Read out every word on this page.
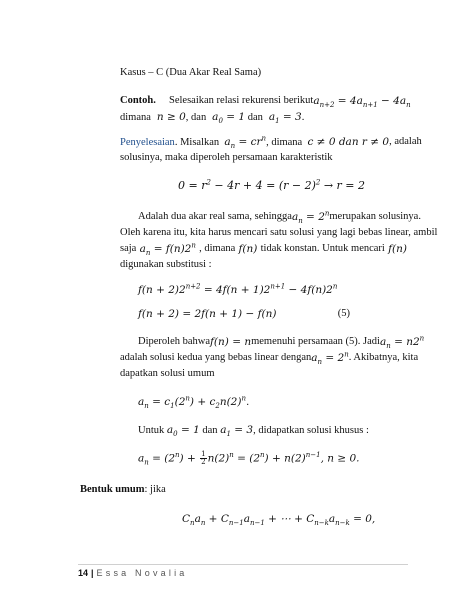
Kasus – C (Dua Akar Real Sama)
Contoh. Selesaikan relasi rekurensi berikut $a_{n+2} = 4a_{n+1} - 4a_n$
dimana  n ≥ 0, dan  $a_0 = 1$ dan  $a_1 = 3$.
Penyelesaian. Misalkan $a_n = cr^n$, dimana c ≠ 0 dan r ≠ 0 , adalah
solusinya, maka diperoleh persamaan karakteristik
$0 = r^2 - 4r + 4 = (r - 2)^2 \to r = 2$
Adalah dua akar real sama, sehingga $a_n = 2^n$ merupakan solusinya.
Oleh karena itu, kita harus mencari satu solusi yang lagi bebas linear, ambil
saja $a_n = f(n)2^n$ , dimana f(n) tidak konstan. Untuk mencari f(n)
digunakan substitusi :
$f(n + 2)2^{n+2} = 4f(n + 1)2^{n+1} - 4f(n)2^n$
f(n + 2) = 2f(n + 1) − f(n)	(5)
Diperoleh bahwa f(n) = n memenuhi persamaan (5). Jadi $a_n = n2^n$
adalah solusi kedua yang bebas linear dengan $a_n = 2^n$ . Akibatnya, kita
dapatkan solusi umum
$a_n = c_1(2^n) + c_2n(2)^n$.
Untuk $a_0 = 1$ dan $a_1 = 3$, didapatkan solusi khusus :
$a_n = (2^n) + \frac{1}{2} n(2)^n = (2^n) + n(2)^{n-1}$, n ≥ 0.
Bentuk umum: jika
$C_na_n + C_{n-1}a_{n-1}$ + ⋯ + $C_{n-k}a_{n-k} = 0$,
14 | Essa Novalia
